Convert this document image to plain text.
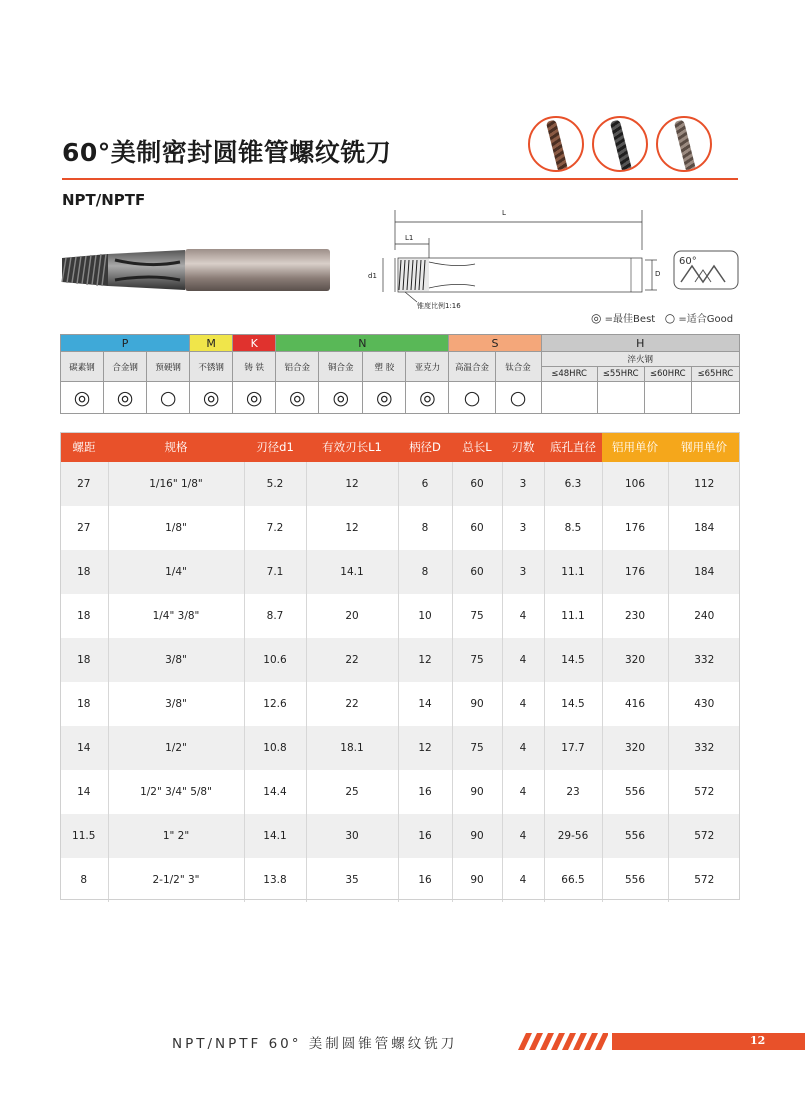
60°美制密封圆锥管螺纹铣刀
NPT/NPTF
L
L1
d1	D
锥度比例1:16
60°
◎ =最佳Best ○ =适合Good
P			M	K	N				S		H			
碳素钢	合金钢	预硬钢	不锈钢	铸 铁	铝合金	铜合金	塑 胶	亚克力	高温合金	钛合金	淬火钢			
											≤48HRC	≤55HRC	≤60HRC	≤65HRC
◎	◎	○	◎	◎	◎	◎	◎	◎	○	○				
螺距	规格	刃径d1	有效刃长L1	柄径D	总长L	刃数	底孔直径	铝用单价	钢用单价
27	1/16" 1/8"	5.2	12	6	60	3	6.3	106	112
27	1/8"	7.2	12	8	60	3	8.5	176	184
18	1/4"	7.1	14.1	8	60	3	11.1	176	184
18	1/4" 3/8"	8.7	20	10	75	4	11.1	230	240
18	3/8"	10.6	22	12	75	4	14.5	320	332
18	3/8"	12.6	22	14	90	4	14.5	416	430
14	1/2"	10.8	18.1	12	75	4	17.7	320	332
14	1/2" 3/4" 5/8"	14.4	25	16	90	4	23	556	572
11.5	1" 2"	14.1	30	16	90	4	29-56	556	572
8	2-1/2" 3"	13.8	35	16	90	4	66.5	556	572
NPT/NPTF 60° 美制圆锥管螺纹铣刀	12
